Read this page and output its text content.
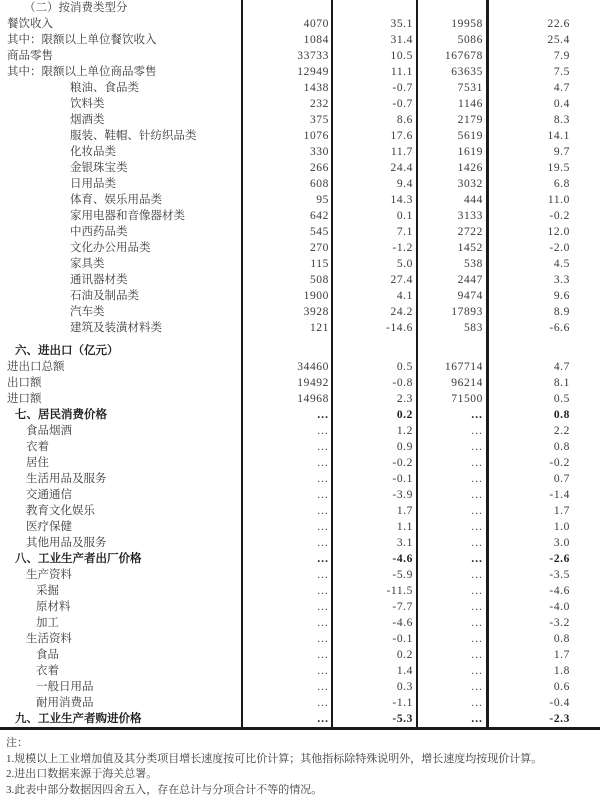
（二）按消费类型分
餐饮收入	4070	35.1	19958	22.6
其中：限额以上单位餐饮收入	1084	31.4	5086	25.4
商品零售	33733	10.5	167678	7.9
其中：限额以上单位商品零售	12949	11.1	63635	7.5
粮油、食品类	1438	-0.7	7531	4.7
饮料类	232	-0.7	1146	0.4
烟酒类	375	8.6	2179	8.3
服装、鞋帽、针纺织品类	1076	17.6	5619	14.1
化妆品类	330	11.7	1619	9.7
金银珠宝类	266	24.4	1426	19.5
日用品类	608	9.4	3032	6.8
体育、娱乐用品类	95	14.3	444	11.0
家用电器和音像器材类	642	0.1	3133	-0.2
中西药品类	545	7.1	2722	12.0
文化办公用品类	270	-1.2	1452	-2.0
家具类	115	5.0	538	4.5
通讯器材类	508	27.4	2447	3.3
石油及制品类	1900	4.1	9474	9.6
汽车类	3928	24.2	17893	8.9
建筑及装潢材料类	121	-14.6	583	-6.6
六、进出口（亿元）
进出口总额	34460	0.5	167714	4.7
出口额	19492	-0.8	96214	8.1
进口额	14968	2.3	71500	0.5
七、居民消费价格	…	0.2	…	0.8
食品烟酒	…	1.2	…	2.2
衣着	…	0.9	…	0.8
居住	…	-0.2	…	-0.2
生活用品及服务	…	-0.1	…	0.7
交通通信	…	-3.9	…	-1.4
教育文化娱乐	…	1.7	…	1.7
医疗保健	…	1.1	…	1.0
其他用品及服务	…	3.1	…	3.0
八、工业生产者出厂价格	…	-4.6	…	-2.6
生产资料	…	-5.9	…	-3.5
采掘	…	-11.5	…	-4.6
原材料	…	-7.7	…	-4.0
加工	…	-4.6	…	-3.2
生活资料	…	-0.1	…	0.8
食品	…	0.2	…	1.7
衣着	…	1.4	…	1.8
一般日用品	…	0.3	…	0.6
耐用消费品	…	-1.1	…	-0.4
九、工业生产者购进价格	…	-5.3	…	-2.3
注：
1.规模以上工业增加值及其分类项目增长速度按可比价计算；其他指标除特殊说明外，增长速度均按现价计算。
2.进出口数据来源于海关总署。
3.此表中部分数据因四舍五入，存在总计与分项合计不等的情况。
